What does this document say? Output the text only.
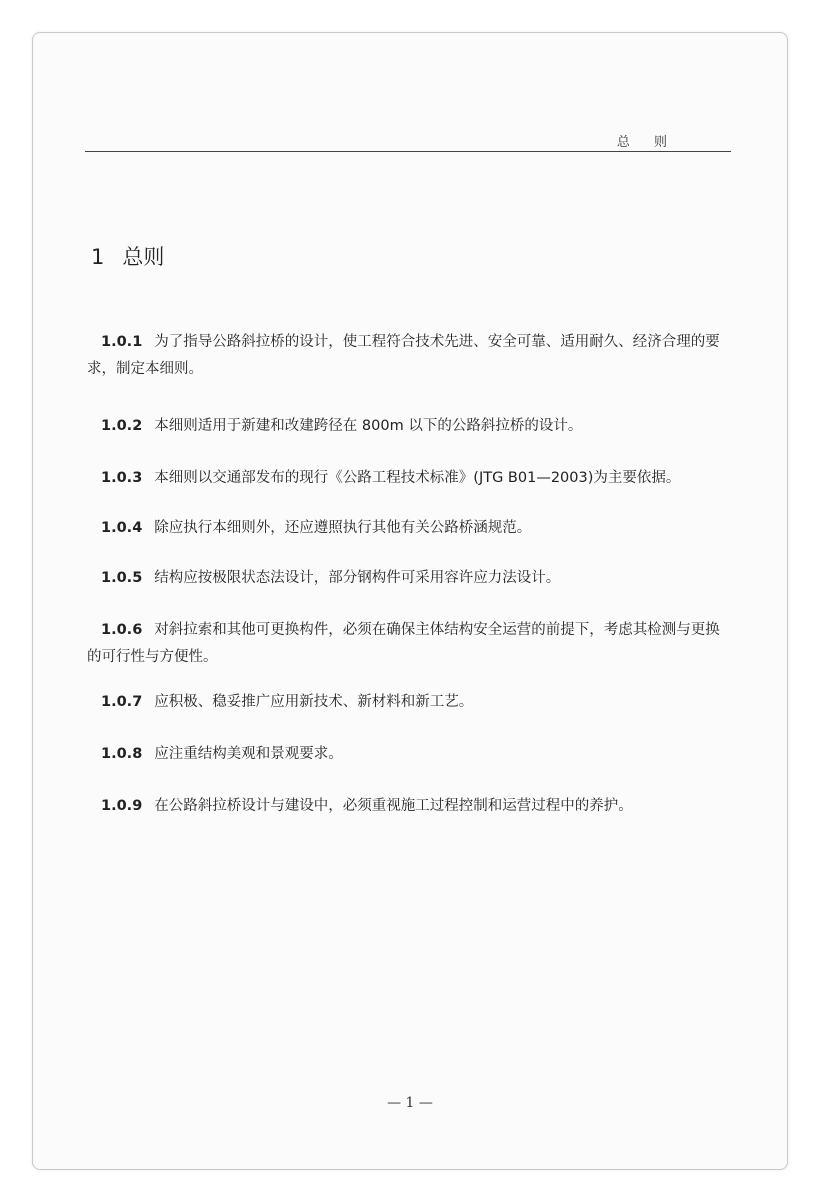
总 则
1 总则

1.0.1 为了指导公路斜拉桥的设计，使工程符合技术先进、安全可靠、适用耐久、经济合理的要求，制定本细则。

1.0.2 本细则适用于新建和改建跨径在 800m 以下的公路斜拉桥的设计。

1.0.3 本细则以交通部发布的现行《公路工程技术标准》(JTG B01—2003)为主要依据。

1.0.4 除应执行本细则外，还应遵照执行其他有关公路桥涵规范。

1.0.5 结构应按极限状态法设计，部分钢构件可采用容许应力法设计。

1.0.6 对斜拉索和其他可更换构件，必须在确保主体结构安全运营的前提下，考虑其检测与更换的可行性与方便性。

1.0.7 应积极、稳妥推广应用新技术、新材料和新工艺。

1.0.8 应注重结构美观和景观要求。

1.0.9 在公路斜拉桥设计与建设中，必须重视施工过程控制和运营过程中的养护。

— 1 —
